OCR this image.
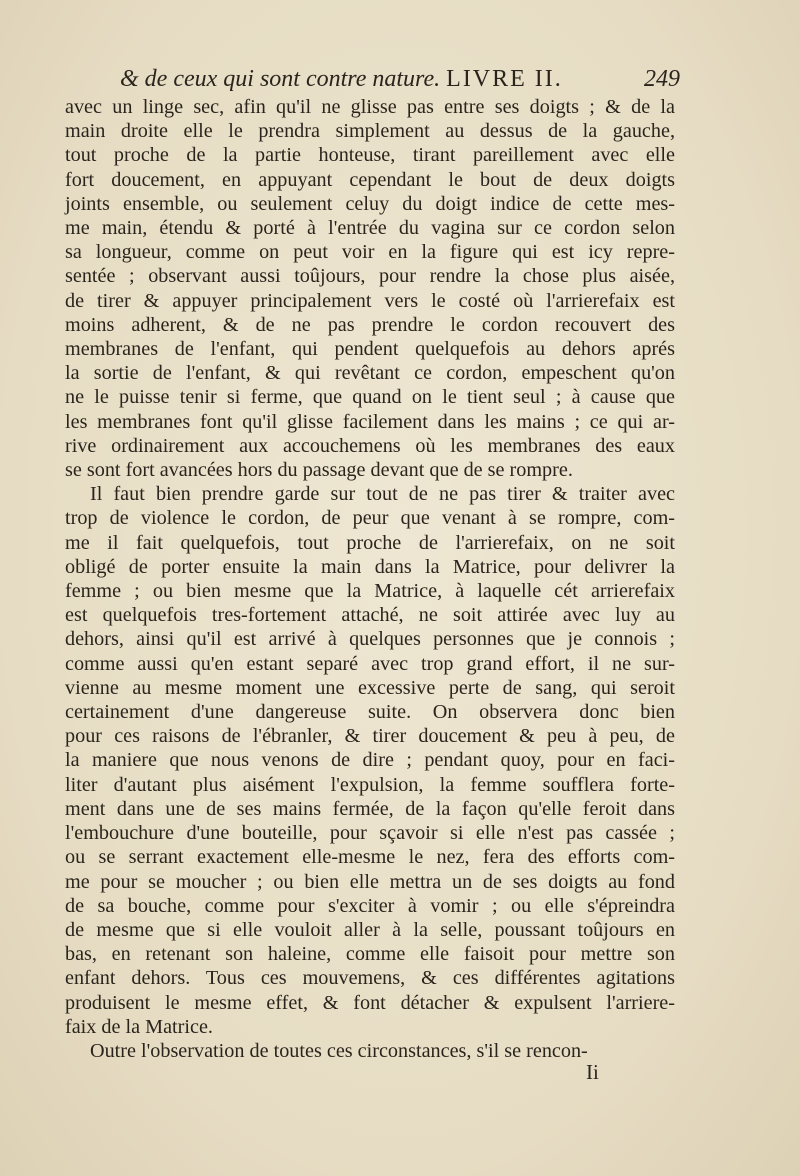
& de ceux qui sont contre nature. LIVRE II.	249
avec un linge sec, afin qu'il ne glisse pas entre ses doigts ; & de la
main droite elle le prendra simplement au dessus de la gauche,
tout proche de la partie honteuse, tirant pareillement avec elle
fort doucement, en appuyant cependant le bout de deux doigts
joints ensemble, ou seulement celuy du doigt indice de cette mes-
me main, étendu & porté à l'entrée du vagina sur ce cordon selon
sa longueur, comme on peut voir en la figure qui est icy repre-
sentée ; observant aussi toûjours, pour rendre la chose plus aisée,
de tirer & appuyer principalement vers le costé où l'arrierefaix est
moins adherent, & de ne pas prendre le cordon recouvert des
membranes de l'enfant, qui pendent quelquefois au dehors aprés
la sortie de l'enfant, & qui revêtant ce cordon, empeschent qu'on
ne le puisse tenir si ferme, que quand on le tient seul ; à cause que
les membranes font qu'il glisse facilement dans les mains ; ce qui ar-
rive ordinairement aux accouchemens où les membranes des eaux
se sont fort avancées hors du passage devant que de se rompre.
Il faut bien prendre garde sur tout de ne pas tirer & traiter avec
trop de violence le cordon, de peur que venant à se rompre, com-
me il fait quelquefois, tout proche de l'arrierefaix, on ne soit
obligé de porter ensuite la main dans la Matrice, pour delivrer la
femme ; ou bien mesme que la Matrice, à laquelle cét arrierefaix
est quelquefois tres-fortement attaché, ne soit attirée avec luy au
dehors, ainsi qu'il est arrivé à quelques personnes que je connois ;
comme aussi qu'en estant separé avec trop grand effort, il ne sur-
vienne au mesme moment une excessive perte de sang, qui seroit
certainement d'une dangereuse suite. On observera donc bien
pour ces raisons de l'ébranler, & tirer doucement & peu à peu, de
la maniere que nous venons de dire ; pendant quoy, pour en faci-
liter d'autant plus aisément l'expulsion, la femme soufflera forte-
ment dans une de ses mains fermée, de la façon qu'elle feroit dans
l'embouchure d'une bouteille, pour sçavoir si elle n'est pas cassée ;
ou se serrant exactement elle-mesme le nez, fera des efforts com-
me pour se moucher ; ou bien elle mettra un de ses doigts au fond
de sa bouche, comme pour s'exciter à vomir ; ou elle s'épreindra
de mesme que si elle vouloit aller à la selle, poussant toûjours en
bas, en retenant son haleine, comme elle faisoit pour mettre son
enfant dehors. Tous ces mouvemens, & ces différentes agitations
produisent le mesme effet, & font détacher & expulsent l'arriere-
faix de la Matrice.
Outre l'observation de toutes ces circonstances, s'il se rencon-
Ii
